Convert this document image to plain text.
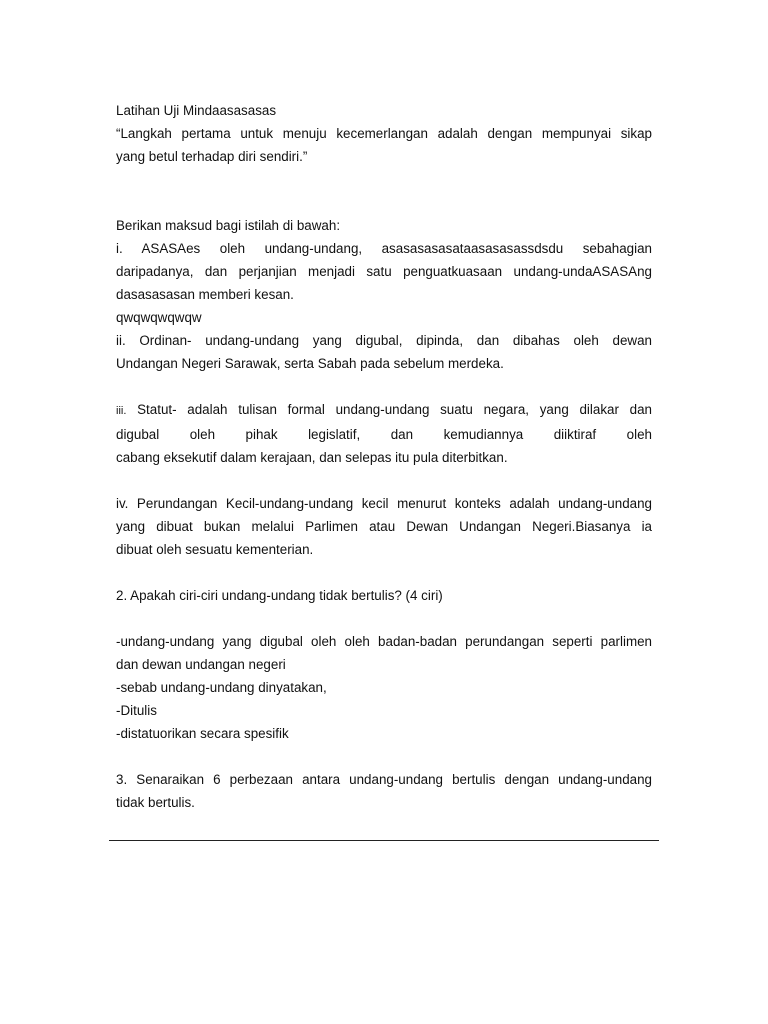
Latihan Uji Mindaasasasas
“Langkah pertama untuk menuju kecemerlangan adalah dengan mempunyai sikap
yang betul terhadap diri sendiri.”
Berikan maksud bagi istilah di bawah:
i. ASASAes oleh undang-undang, asasasasasataasasasassdsdu sebahagian
daripadanya, dan perjanjian menjadi satu penguatkuasaan undang-undaASASAng
dasasasasan memberi kesan.
qwqwqwqwqw
ii. Ordinan- undang-undang yang digubal, dipinda, dan dibahas oleh dewan
Undangan Negeri Sarawak, serta Sabah pada sebelum merdeka.
iii. Statut- adalah tulisan formal undang-undang suatu negara, yang dilakar dan
digubal oleh pihak legislatif, dan kemudiannya diiktiraf oleh
cabang eksekutif dalam kerajaan, dan selepas itu pula diterbitkan.
iv. Perundangan Kecil-undang-undang kecil menurut konteks adalah undang-undang
yang dibuat bukan melalui Parlimen atau Dewan Undangan Negeri.Biasanya ia
dibuat oleh sesuatu kementerian.
2. Apakah ciri-ciri undang-undang tidak bertulis? (4 ciri)
-undang-undang yang digubal oleh oleh badan-badan perundangan seperti parlimen
dan dewan undangan negeri
-sebab undang-undang dinyatakan,
-Ditulis
-distatuorikan secara spesifik
3. Senaraikan 6 perbezaan antara undang-undang bertulis dengan undang-undang
tidak bertulis.
